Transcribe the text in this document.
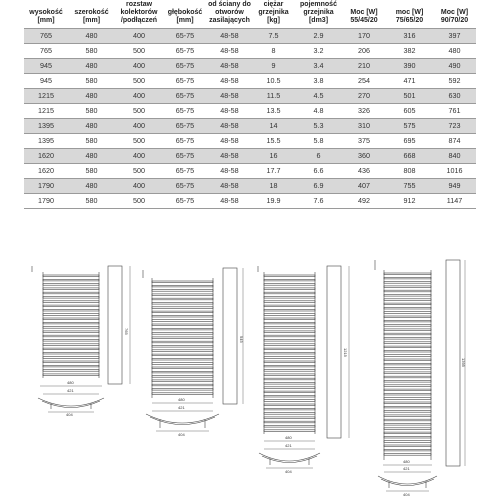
wysokość [mm]	szerokość [mm]	rozstaw kolektorów /podłączeń	głębokość [mm]	od ściany do otworów zasilających	ciężar grzejnika [kg]	pojemność grzejnika [dm3]	Moc [W] 55/45/20	moc [W] 75/65/20	Moc [W] 90/70/20
765	480	400	65-75	48-58	7.5	2.9	170	316	397
765	580	500	65-75	48-58	8	3.2	206	382	480
945	480	400	65-75	48-58	9	3.4	210	390	490
945	580	500	65-75	48-58	10.5	3.8	254	471	592
1215	480	400	65-75	48-58	11.5	4.5	270	501	630
1215	580	500	65-75	48-58	13.5	4.8	326	605	761
1395	480	400	65-75	48-58	14	5.3	310	575	723
1395	580	500	65-75	48-58	15.5	5.8	375	695	874
1620	480	400	65-75	48-58	16	6	360	668	840
1620	580	500	65-75	48-58	17.7	6.6	436	808	1016
1790	480	400	65-75	48-58	18	6.9	407	755	949
1790	580	500	65-75	48-58	19.9	7.6	492	912	1147
765
480
421
404
945
480
421
404
1215
480
421
404
1395
480
421
404
